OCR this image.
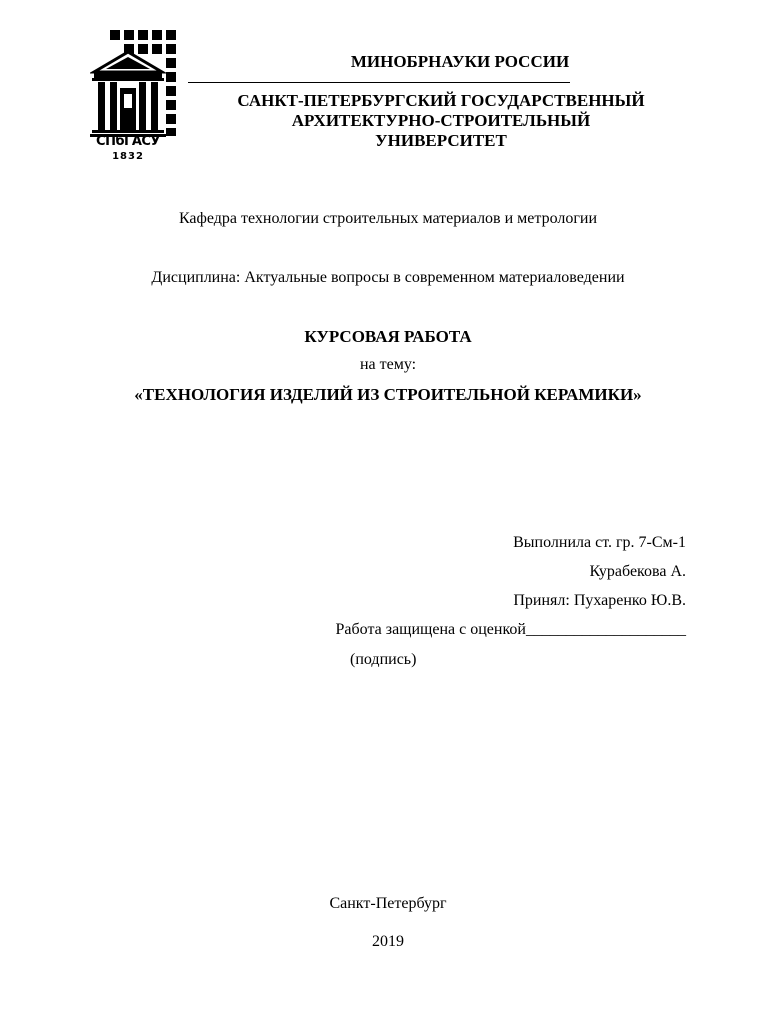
СПбГАСУ
1832
МИНОБРНАУКИ РОССИИ
САНКТ-ПЕТЕРБУРГСКИЙ ГОСУДАРСТВЕННЫЙ
АРХИТЕКТУРНО-СТРОИТЕЛЬНЫЙ
УНИВЕРСИТЕТ
Кафедра технологии строительных материалов и метрологии
Дисциплина: Актуальные вопросы в современном материаловедении
КУРСОВАЯ РАБОТА
на тему:
«ТЕХНОЛОГИЯ ИЗДЕЛИЙ ИЗ СТРОИТЕЛЬНОЙ КЕРАМИКИ»
Выполнила ст. гр. 7-См-1
Курабекова А.
Принял: Пухаренко Ю.В.
Работа защищена с оценкой____________________
(подпись)
Санкт-Петербург
2019
